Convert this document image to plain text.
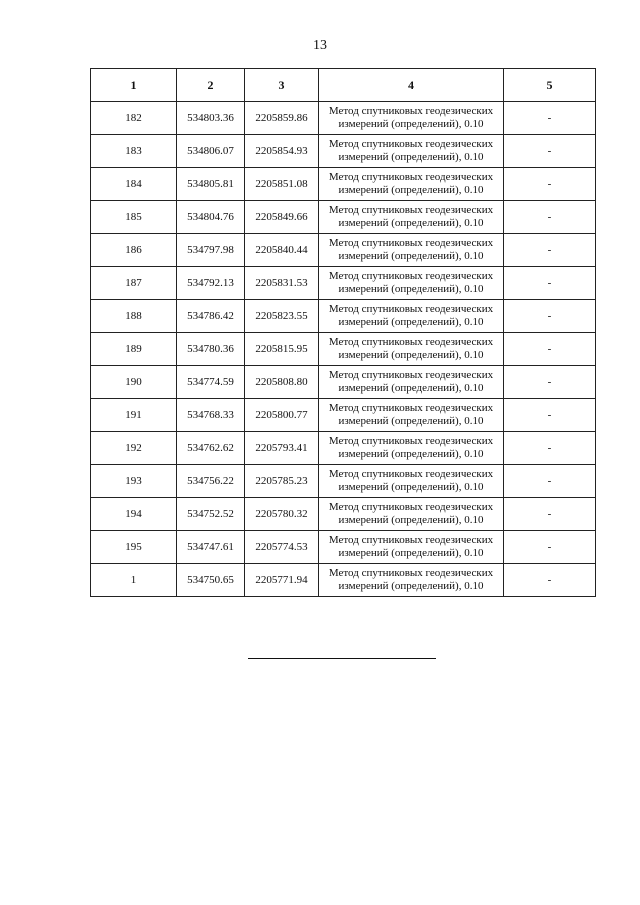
13
1	2	3	4	5
182	534803.36	2205859.86	Метод спутниковых геодезических измерений (определений), 0.10	-
183	534806.07	2205854.93	Метод спутниковых геодезических измерений (определений), 0.10	-
184	534805.81	2205851.08	Метод спутниковых геодезических измерений (определений), 0.10	-
185	534804.76	2205849.66	Метод спутниковых геодезических измерений (определений), 0.10	-
186	534797.98	2205840.44	Метод спутниковых геодезических измерений (определений), 0.10	-
187	534792.13	2205831.53	Метод спутниковых геодезических измерений (определений), 0.10	-
188	534786.42	2205823.55	Метод спутниковых геодезических измерений (определений), 0.10	-
189	534780.36	2205815.95	Метод спутниковых геодезических измерений (определений), 0.10	-
190	534774.59	2205808.80	Метод спутниковых геодезических измерений (определений), 0.10	-
191	534768.33	2205800.77	Метод спутниковых геодезических измерений (определений), 0.10	-
192	534762.62	2205793.41	Метод спутниковых геодезических измерений (определений), 0.10	-
193	534756.22	2205785.23	Метод спутниковых геодезических измерений (определений), 0.10	-
194	534752.52	2205780.32	Метод спутниковых геодезических измерений (определений), 0.10	-
195	534747.61	2205774.53	Метод спутниковых геодезических измерений (определений), 0.10	-
1	534750.65	2205771.94	Метод спутниковых геодезических измерений (определений), 0.10	-
